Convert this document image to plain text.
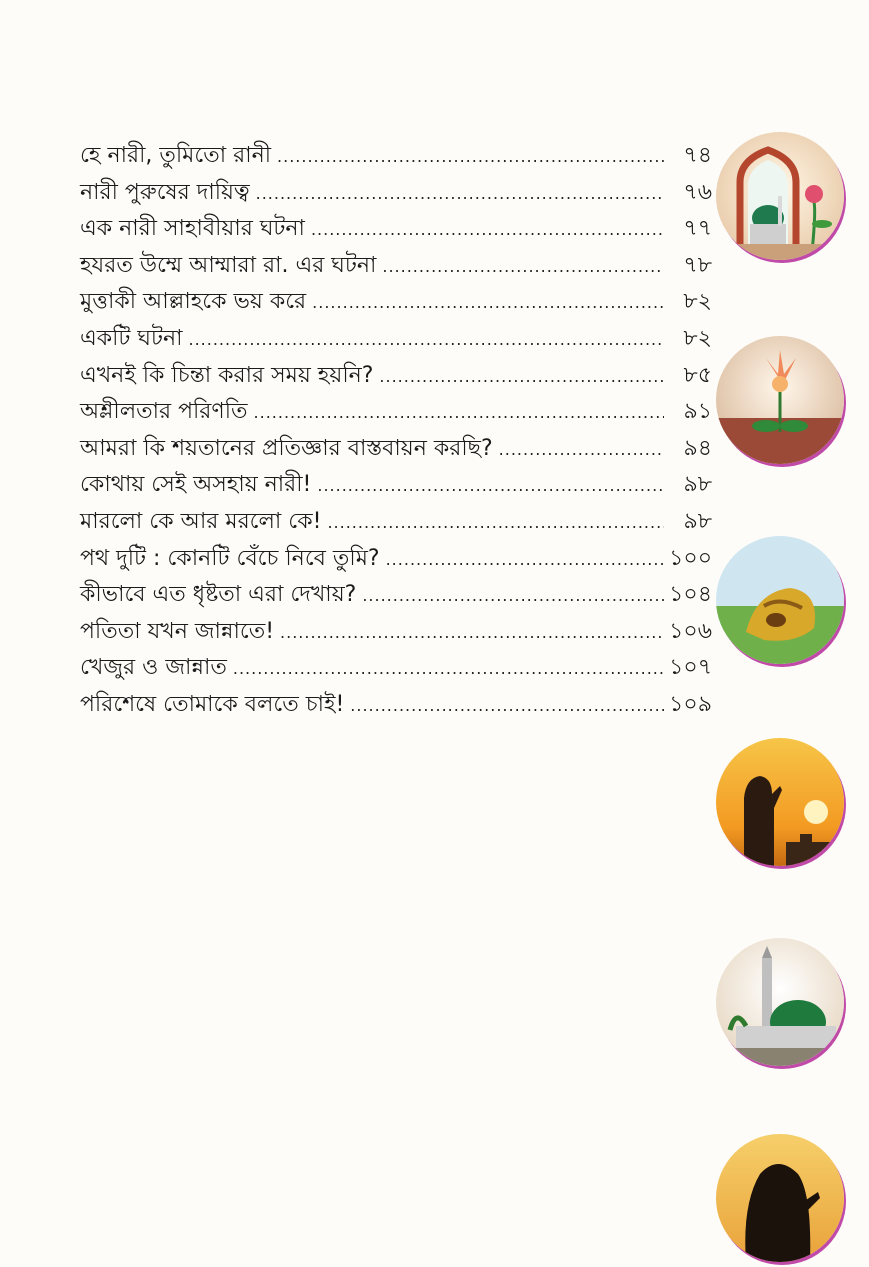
হে নারী, তুমিতো রানী .....	৭৪
নারী পুরুষের দায়িত্ব .....	৭৬
এক নারী সাহাবীয়ার ঘটনা .....	৭৭
হযরত উম্মে আম্মারা রা. এর ঘটনা .....	৭৮
মুত্তাকী আল্লাহকে ভয় করে .....	৮২
একটি ঘটনা .....	৮২
এখনই কি চিন্তা করার সময় হয়নি? .....	৮৫
অশ্লীলতার পরিণতি .....	৯১
আমরা কি শয়তানের প্রতিজ্ঞার বাস্তবায়ন করছি? .....	৯৪
কোথায় সেই অসহায় নারী! .....	৯৮
মারলো কে আর মরলো কে! .....	৯৮
পথ দুটি : কোনটি বেঁচে নিবে তুমি? .....	১০০
কীভাবে এত ধৃষ্টতা এরা দেখায়? .....	১০৪
পতিতা যখন জান্নাতে! .....	১০৬
খেজুর ও জান্নাত .....	১০৭
পরিশেষে তোমাকে বলতে চাই! .....	১০৯
